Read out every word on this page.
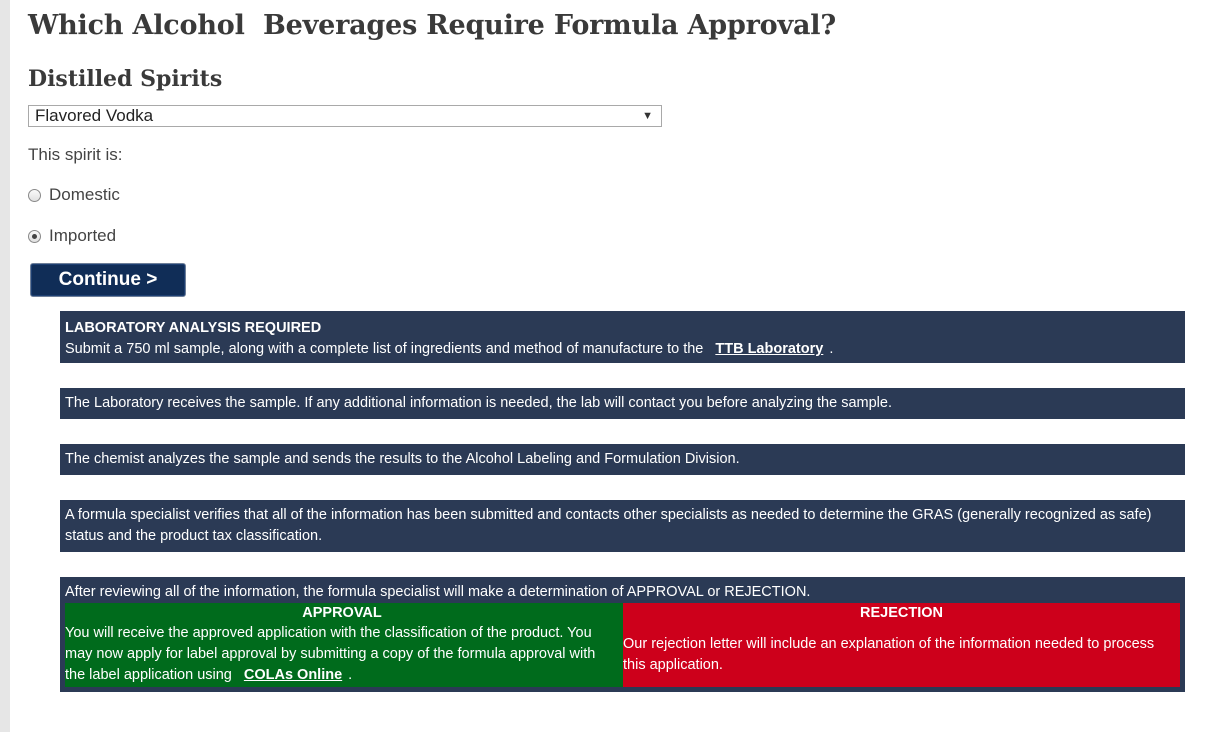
Which Alcohol  Beverages Require Formula Approval?
Distilled Spirits
Flavored Vodka	▼
This spirit is:
Domestic
Imported
Continue >
LABORATORY ANALYSIS REQUIRED
Submit a 750 ml sample, along with a complete list of ingredients and method of manufacture to the TTB Laboratory .
The Laboratory receives the sample. If any additional information is needed, the lab will contact you before analyzing the sample.
The chemist analyzes the sample and sends the results to the Alcohol Labeling and Formulation Division.
A formula specialist verifies that all of the information has been submitted and contacts other specialists as needed to determine the GRAS (generally recognized as safe) status and the product tax classification.
After reviewing all of the information, the formula specialist will make a determination of APPROVAL or REJECTION.
APPROVAL
You will receive the approved application with the classification of the product. You may now apply for label approval by submitting a copy of the formula approval with the label application using COLAs Online .
REJECTION
Our rejection letter will include an explanation of the information needed to process this application.
